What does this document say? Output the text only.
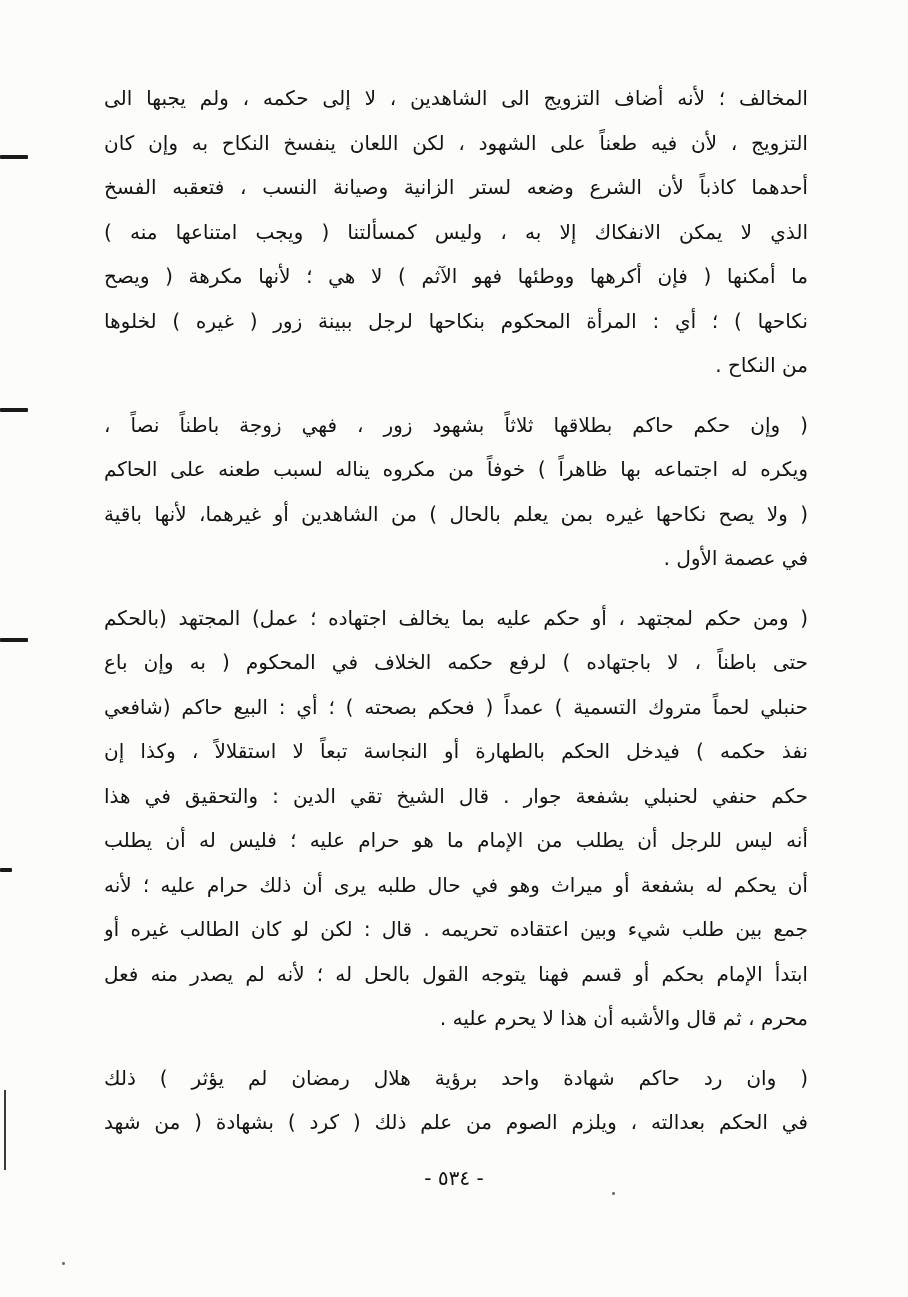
المخالف ؛ لأنه أضاف التزويج الى الشاهدين ، لا إلى حكمه ، ولم يجبها الى
التزويج ، لأن فيه طعناً على الشهود ، لكن اللعان ينفسخ النكاح به وإن كان
أحدهما كاذباً لأن الشرع وضعه لستر الزانية وصيانة النسب ، فتعقبه الفسخ
الذي لا يمكن الانفكاك إلا به ، وليس كمسألتنا ( ويجب امتناعها منه )
ما أمكنها ( فإن أكرهها ووطئها فهو الآثم ) لا هي ؛ لأنها مكرهة ( ويصح
نكاحها ) ؛ أي : المرأة المحكوم بنكاحها لرجل ببينة زور ( غيره ) لخلوها
من النكاح .
( وإن حكم حاكم بطلاقها ثلاثاً بشهود زور ، فهي زوجة باطناً نصاً ،
ويكره له اجتماعه بها ظاهراً ) خوفاً من مكروه يناله لسبب طعنه على الحاكم
( ولا يصح نكاحها غيره بمن يعلم بالحال ) من الشاهدين أو غيرهما، لأنها باقية
في عصمة الأول .
( ومن حكم لمجتهد ، أو حكم عليه بما يخالف اجتهاده ؛ عمل) المجتهد (بالحكم
حتى باطناً ، لا باجتهاده ) لرفع حكمه الخلاف في المحكوم ( به وإن باع
حنبلي لحماً متروك التسمية ) عمداً ( فحكم بصحته ) ؛ أي : البيع حاكم (شافعي
نفذ حكمه ) فيدخل الحكم بالطهارة أو النجاسة تبعاً لا استقلالاً ، وكذا إن
حكم حنفي لحنبلي بشفعة جوار . قال الشيخ تقي الدين : والتحقيق في هذا
أنه ليس للرجل أن يطلب من الإمام ما هو حرام عليه ؛ فليس له أن يطلب
أن يحكم له بشفعة أو ميراث وهو في حال طلبه يرى أن ذلك حرام عليه ؛ لأنه
جمع بين طلب شيء وبين اعتقاده تحريمه . قال : لكن لو كان الطالب غيره أو
ابتدأ الإمام بحكم أو قسم فهنا يتوجه القول بالحل له ؛ لأنه لم يصدر منه فعل
محرم ، ثم قال والأشبه أن هذا لا يحرم عليه .
( وان رد حاكم شهادة واحد برؤية هلال رمضان لم يؤثر ) ذلك
في الحكم بعدالته ، ويلزم الصوم من علم ذلك ( كرد ) بشهادة ( من شهد
- ٥٣٤ -
